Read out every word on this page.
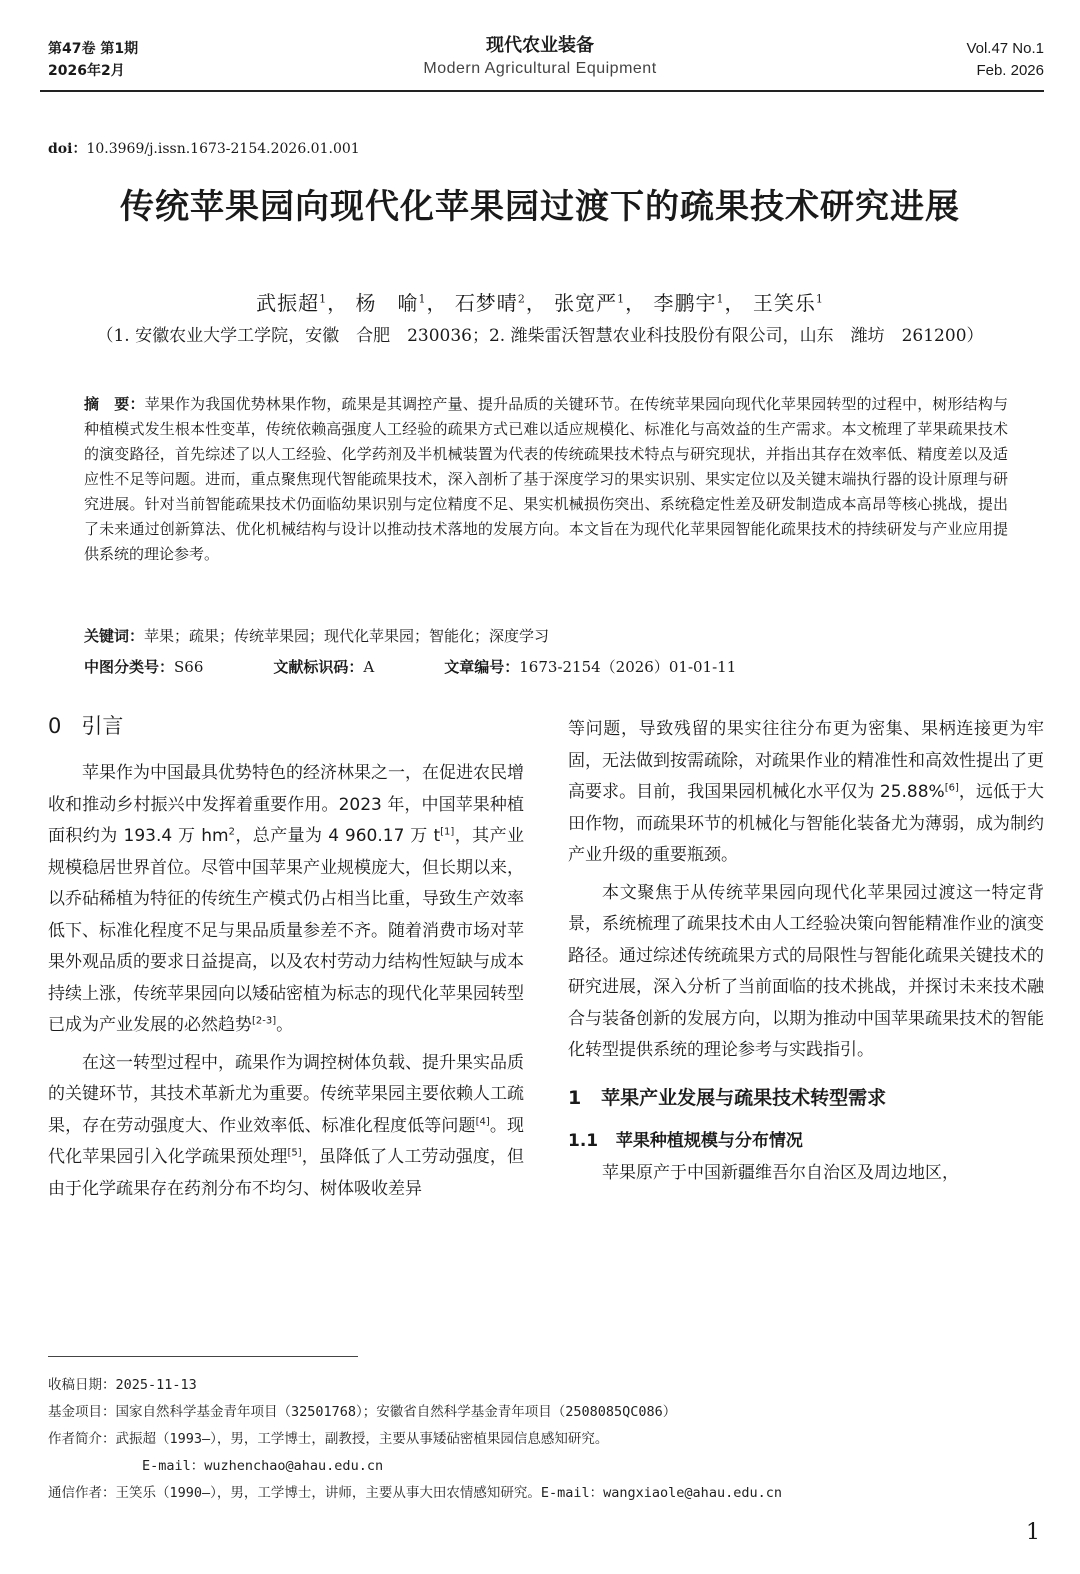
第47卷 第1期
2026年2月
现代农业装备
Modern Agricultural Equipment
Vol.47 No.1
Feb. 2026
doi：10.3969/j.issn.1673-2154.2026.01.001
传统苹果园向现代化苹果园过渡下的疏果技术研究进展
武振超$^1$， 杨　喻$^1$， 石梦晴$^2$， 张宽严$^1$， 李鹏宇$^1$， 王笑乐$^1$
（1. 安徽农业大学工学院，安徽　合肥　230036；2. 潍柴雷沃智慧农业科技股份有限公司，山东　潍坊　261200）
摘　要：苹果作为我国优势林果作物，疏果是其调控产量、提升品质的关键环节。在传统苹果园向现代化苹果园转型的过程中，树形结构与种植模式发生根本性变革，传统依赖高强度人工经验的疏果方式已难以适应规模化、标准化与高效益的生产需求。本文梳理了苹果疏果技术的演变路径，首先综述了以人工经验、化学药剂及半机械装置为代表的传统疏果技术特点与研究现状，并指出其存在效率低、精度差以及适应性不足等问题。进而，重点聚焦现代智能疏果技术，深入剖析了基于深度学习的果实识别、果实定位以及关键末端执行器的设计原理与研究进展。针对当前智能疏果技术仍面临幼果识别与定位精度不足、果实机械损伤突出、系统稳定性差及研发制造成本高昂等核心挑战，提出了未来通过创新算法、优化机械结构与设计以推动技术落地的发展方向。本文旨在为现代化苹果园智能化疏果技术的持续研发与产业应用提供系统的理论参考。
关键词：苹果；疏果；传统苹果园；现代化苹果园；智能化；深度学习
中图分类号：S66	文献标识码：A	文章编号：1673-2154（2026）01-01-11
0 引言

苹果作为中国最具优势特色的经济林果之一，在促进农民增收和推动乡村振兴中发挥着重要作用。2023 年，中国苹果种植面积约为 193.4 万 $hm^2$，总产量为 4 960.17 万 t[1]，其产业规模稳居世界首位。尽管中国苹果产业规模庞大，但长期以来，以乔砧稀植为特征的传统生产模式仍占相当比重，导致生产效率低下、标准化程度不足与果品质量参差不齐。随着消费市场对苹果外观品质的要求日益提高，以及农村劳动力结构性短缺与成本持续上涨，传统苹果园向以矮砧密植为标志的现代化苹果园转型已成为产业发展的必然趋势[2-3]。

在这一转型过程中，疏果作为调控树体负载、提升果实品质的关键环节，其技术革新尤为重要。传统苹果园主要依赖人工疏果，存在劳动强度大、作业效率低、标准化程度低等问题[4]。现代化苹果园引入化学疏果预处理[5]，虽降低了人工劳动强度，但由于化学疏果存在药剂分布不均匀、树体吸收差异

等问题，导致残留的果实往往分布更为密集、果柄连接更为牢固，无法做到按需疏除，对疏果作业的精准性和高效性提出了更高要求。目前，我国果园机械化水平仅为 25.88%[6]，远低于大田作物，而疏果环节的机械化与智能化装备尤为薄弱，成为制约产业升级的重要瓶颈。

本文聚焦于从传统苹果园向现代化苹果园过渡这一特定背景，系统梳理了疏果技术由人工经验决策向智能精准作业的演变路径。通过综述传统疏果方式的局限性与智能化疏果关键技术的研究进展，深入分析了当前面临的技术挑战，并探讨未来技术融合与装备创新的发展方向，以期为推动中国苹果疏果技术的智能化转型提供系统的理论参考与实践指引。

1 苹果产业发展与疏果技术转型需求
1.1 苹果种植规模与分布情况

苹果原产于中国新疆维吾尔自治区及周边地区，

收稿日期：2025-11-13
基金项目：国家自然科学基金青年项目（32501768）；安徽省自然科学基金青年项目（2508085QC086）
作者简介：武振超（1993—），男，工学博士，副教授，主要从事矮砧密植果园信息感知研究。
E-mail：wuzhenchao@ahau.edu.cn
通信作者：王笑乐（1990—），男，工学博士，讲师，主要从事大田农情感知研究。E-mail：wangxiaole@ahau.edu.cn
1
